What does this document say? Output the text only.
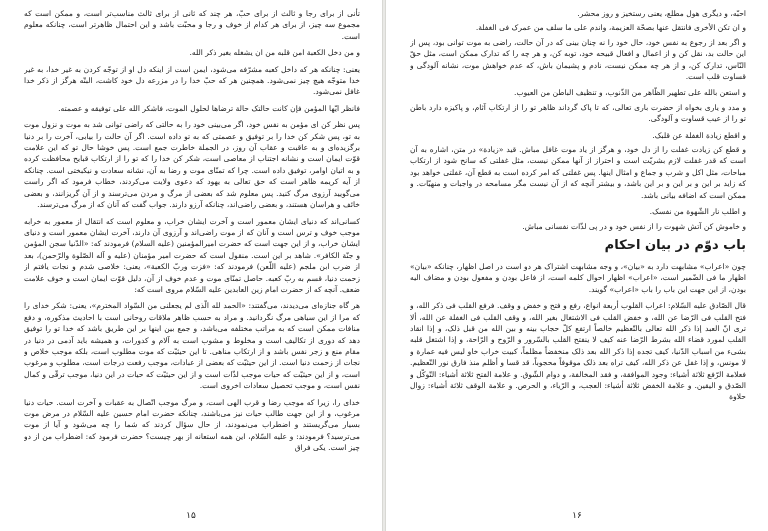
تأنی از برای رجا و ثالث از برای حبّ، هر چند که ثانی از برای ثالث مناسب‌تر است، و ممکن است که مجموع سه چیز، از برای هر کدام از خوف و رجا و محبّت باشد و این احتمال ظاهرتر است، چنانکه معلوم است.

و من دخل الکعبة امن قلبه من ان یشغله بغیر ذکر الله.

یعنی: چنانکه هر که داخل کعبه مشرّفه می‌شود، ایمن است از اینکه دل او از توجّه کردن به غیر خدا، به غیر خدا متوجّه هیچ چیز نمی‌شود. همچنین هر که حبّ خدا را در مزرعه دل خود کاشت، البتّه هرگز از ذکر خدا غافل نمی‌شود.

فانظر ایّها المؤمن فإن کانت حالتک حالة ترضاها لحلول الموت، فاشکر الله علی توفیقه و عصمته.

پس نظر کن ای مؤمن به نفس خود، اگر می‌بینی خود را به حالتی که راضی توانی شد به موت و نزول موت به تو، پس شکر کن خدا را بر توفیق و عصمتی که به تو داده است. اگر آن حالت را بیابی، آخرت را بر دنیا برگزیده‌ای و به عاقبت و عقاب آن روز، در الجملة خاطرت جمع است. پس خوشا حال تو که این علامت قوّت ایمان است و نشانه اجتناب از معاصی است، شکر کن خدا را که تو را از ارتکاب قبایح محافظت کرده و به اتیان اوامر، توفیق داده است. چرا که تمنّای موت و رضا به آن، نشانه سعادت و نیکبختی است. چنانکه از آیه کریمه ظاهر است که حق تعالی به یهود که دعوی ولایت می‌کردند، خطاب فرمود که اگر راست می‌گویید آرزوی مرگ کنید. پس معلوم شد که بعضی از مرگ و مردن می‌ترسند و از آن گریزانند، و بعضی خائف و هراسان هستند، و بعضی راضی‌اند، چنانکه آرزو دارند. جواب گفت که آنان که از مرگ می‌ترسند.

کسانی‌اند که دنیای ایشان معمور است و آخرت ایشان خراب، و معلوم است که انتقال از معمور به خرابه موجب خوف و ترس است و آنان که از موت راضی‌اند و آرزوی آن دارند، آخرت ایشان معمور است و دنیای ایشان خراب، و از این جهت است که حضرت امیرالمؤمنین (علیه السلام) فرمودند که: «الدّنیا سجن المؤمن و جنّة الکافر». شاهد بر این است. منقول است که حضرت امیر مؤمنان (علیه و آله الصّلوة والرّحمن)، بعد از ضرب ابن ملجم (علیه اللّعن) فرمودند که: «فزت وربّ الکعبة»، یعنی: خلاصی شدم و نجات یافتم از زحمت دنیا، قسم به ربّ کعبه. حاصل تمنّای موت و عدم خوف از آن، دلیل قوّت ایمان است و خوف علامت ضعف. آنچه که از حضرت امام زین العابدین علیه السّلام مروی است که:

هر گاه جنازه‌ای می‌دیدند، می‌گفتند: «الحمد لله الّذی لم یجعلنی من السّواد المخترم»، یعنی: شکر خدای را که مرا از این سیاهی مرگ نگردانید. و مراد به حسب ظاهر ملاقات روحانی است با احادیث مذکوره، و دفع منافات ممکن است که به مراتب مختلفه می‌باشد، و جمع بین اینها بر این طریق باشد که خدا تو را توفیق دهد که دوری از تکالیف است و مخلوط و مشوب است به آلام و کدورات، و همیشه باید آدمی در دنیا در مقام منع و زجر نفس باشد و از ارتکاب مناهی. تا این حیثیّت که موت مطلوب است، بلکه موجب خلاص و نجات از زحمت دنیا است. از این حیثیّت که بعضی از عبادات، موجب رفعت درجات است، مطلوب و مرغوب است، و از این حیثیّت که حیات موجب لذّات است و از این حیثیّت که حیات در این دنیا، موجب ترقّی و کمال نفس است، و موجب تحصیل سعادات اخروی است.

خدای را، زیرا که موجب رضا و قرب الهی است، و مرگ موجب اتّصال به عقبات و آخرت است. حیات دنیا مرغوب، و از این جهت طالب حیات نیز می‌باشند، چنانکه حضرت امام حسین علیه السّلام در مرض موت بسیار می‌گریستند و اضطراب می‌نمودند، از حال سؤال کردند که شما را چه می‌شود و آیا از موت می‌ترسید؟ فرمودند: و علیه السّلام، این همه استعانه از بهر چیست؟ حضرت فرمود که: اضطراب من از دو چیز است. یکی فراق

۱۵

احبّه، و دیگری هول مطلع، یعنی رستخیز و روز محشر.

و ان تکن الأخری فانتقل عنها بصحّة العزیمة، واندم علی ما سلف من عمرک فی الغفلة.

و اگر بعد از رجوع به نفس خود، حال خود را نه چنان بینی که در آن حالت، راضی به موت توانی بود، پس از این حالت بد، نقل کن و از اعمال و افعال قبیحه خود، توبه کن، و هر چه را که تدارک ممکن است، مثل حقّ النّاس، تدارک کن، و از هر چه ممکن نیست، نادم و پشیمان باش، که عدم خواهش موت، نشانه آلودگی و قساوت قلب است.

و استعن بالله علی تطهیر الظّاهر من الذّنوب، و تنظیف الباطن من العیوب.

و مدد و یاری بخواه از حضرت باری تعالی، که تا پاک گرداند ظاهر تو را از ارتکاب آثام، و پاکیزه دارد باطن تو را از عیب قساوت و آلودگی.

و اقطع زیادة الغفلة عن قلبک.

و قطع کن زیادت غفلت را از دل خود، و هرگز از یاد موت غافل مباش. قید «زیادة» در متن، اشاره به آن است که قدر غفلت لازم بشریّت است و احتراز از آنها ممکن نیست، مثل غفلتی که سانح شود از ارتکاب مباحات، مثل اکل و شرب و جماع و امثال اینها. پس غفلتی که امر کرده است به قطع آن، غفلتی خواهد بود که زاید بر این و بر این و بر این باشد، و بیشتر آنچه که از آن نیست مگر مسامحه در واجبات و منهیّات. و ممکن است که اضافه بیانی باشد.

و اطلب نار الشّهوة من نفسک.

و خاموش کن آتش شهوت را از نفس خود و در پی لذّات نفسانی مباش.

باب دوّم در بیان احکام

چون «اعراب» مشابهت دارد به «بیان»، و وجه مشابهت اشتراک هر دو است در اصل اظهار، چنانکه «بیان» اظهار ما فی الضّمیر است، «اعراب» اظهار احوال کلمه است، از فاعل بودن و مفعول بودن و مضاف الیه بودن، از این جهت این باب را باب «اعراب» گویند.

قال الصّادق علیه السّلام: اعراب القلوب أربعة انواع، رفع و فتح و خفض و وقف. فرفع القلب فی ذکر الله، و فتح القلب فی الرّضا عن الله، و خفض القلب فی الاشتغال بغیر الله، و وقف القلب فی الغفلة عن الله، ألا تری انّ العبد إذا ذکر الله تعالی بالتّعظیم خالصاً ارتفع کلّ حجاب بینه و بین الله من قبل ذلک، و إذا انقاد القلب لمورد قضاء الله بشرط الرّضا عنه کیف لا ینفتح القلب بالسّرور و الرّوح و الرّاحة، و إذا اشتغل قلبه بشیء من اسباب الدّنیا، کیف تجده إذا ذکر الله بعد ذلک منخفضاً مظلماً، کبیت خراب خاو لیس فیه عمارة و لا مونس، و إذا غفل عن ذکر الله، کیف تراه بعد ذلک موقوفاً محجوباً، قد قسا و أظلم منذ فارق نور التّعظیم. فعلامة الرّفع ثلاثة أشیاء: وجود الموافقة، و فقد المخالفة، و دوام الشّوق. و علامة الفتح ثلاثة أشیاء: التّوکّل و الصّدق و الیقین. و علامة الخفض ثلاثة أشیاء: العجب، و الرّیاء، و الحرص. و علامة الوقف ثلاثة أشیاء: زوال حلاوة

۱۶
